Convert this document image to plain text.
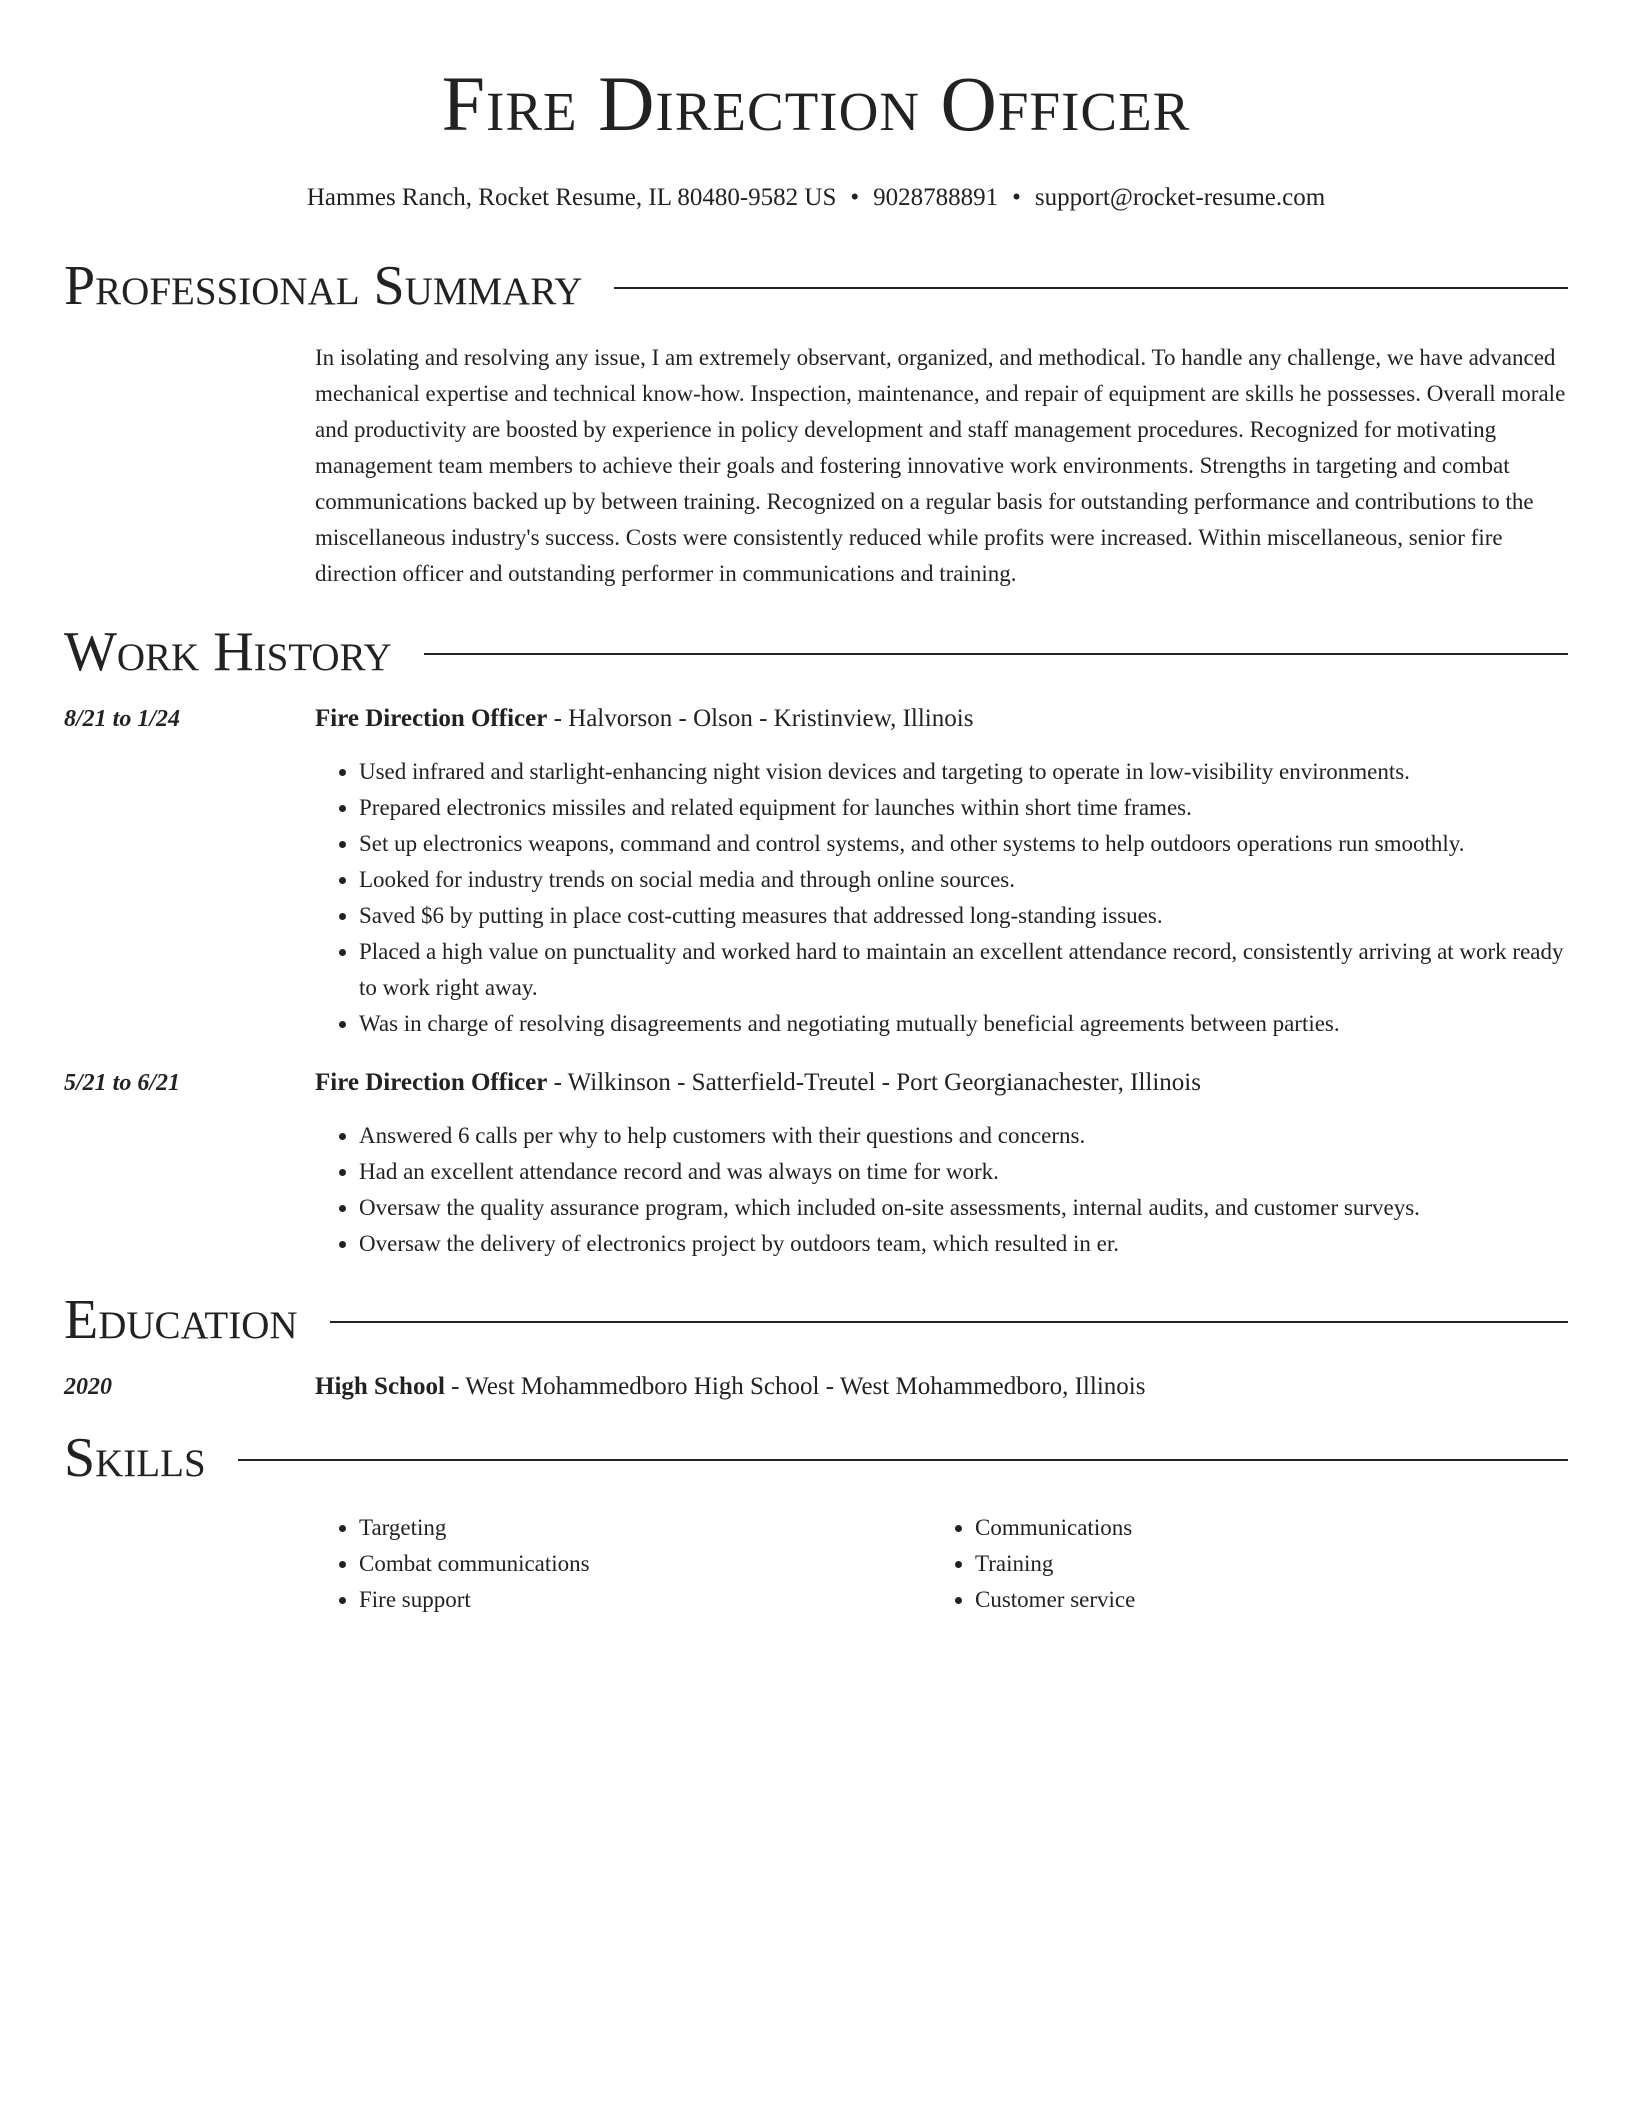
Fire Direction Officer
Hammes Ranch, Rocket Resume, IL 80480-9582 US • 9028788891 • support@rocket-resume.com
Professional Summary
In isolating and resolving any issue, I am extremely observant, organized, and methodical. To handle any challenge, we have advanced mechanical expertise and technical know-how. Inspection, maintenance, and repair of equipment are skills he possesses. Overall morale and productivity are boosted by experience in policy development and staff management procedures. Recognized for motivating management team members to achieve their goals and fostering innovative work environments. Strengths in targeting and combat communications backed up by between training. Recognized on a regular basis for outstanding performance and contributions to the miscellaneous industry's success. Costs were consistently reduced while profits were increased. Within miscellaneous, senior fire direction officer and outstanding performer in communications and training.
Work History
8/21 to 1/24	Fire Direction Officer - Halvorson - Olson - Kristinview, Illinois
• Used infrared and starlight-enhancing night vision devices and targeting to operate in low-visibility environments.
• Prepared electronics missiles and related equipment for launches within short time frames.
• Set up electronics weapons, command and control systems, and other systems to help outdoors operations run smoothly.
• Looked for industry trends on social media and through online sources.
• Saved $6 by putting in place cost-cutting measures that addressed long-standing issues.
• Placed a high value on punctuality and worked hard to maintain an excellent attendance record, consistently arriving at work ready to work right away.
• Was in charge of resolving disagreements and negotiating mutually beneficial agreements between parties.
5/21 to 6/21	Fire Direction Officer - Wilkinson - Satterfield-Treutel - Port Georgianachester, Illinois
• Answered 6 calls per why to help customers with their questions and concerns.
• Had an excellent attendance record and was always on time for work.
• Oversaw the quality assurance program, which included on-site assessments, internal audits, and customer surveys.
• Oversaw the delivery of electronics project by outdoors team, which resulted in er.
Education
2020	High School - West Mohammedboro High School - West Mohammedboro, Illinois
Skills
• Targeting
• Combat communications
• Fire support
• Communications
• Training
• Customer service
